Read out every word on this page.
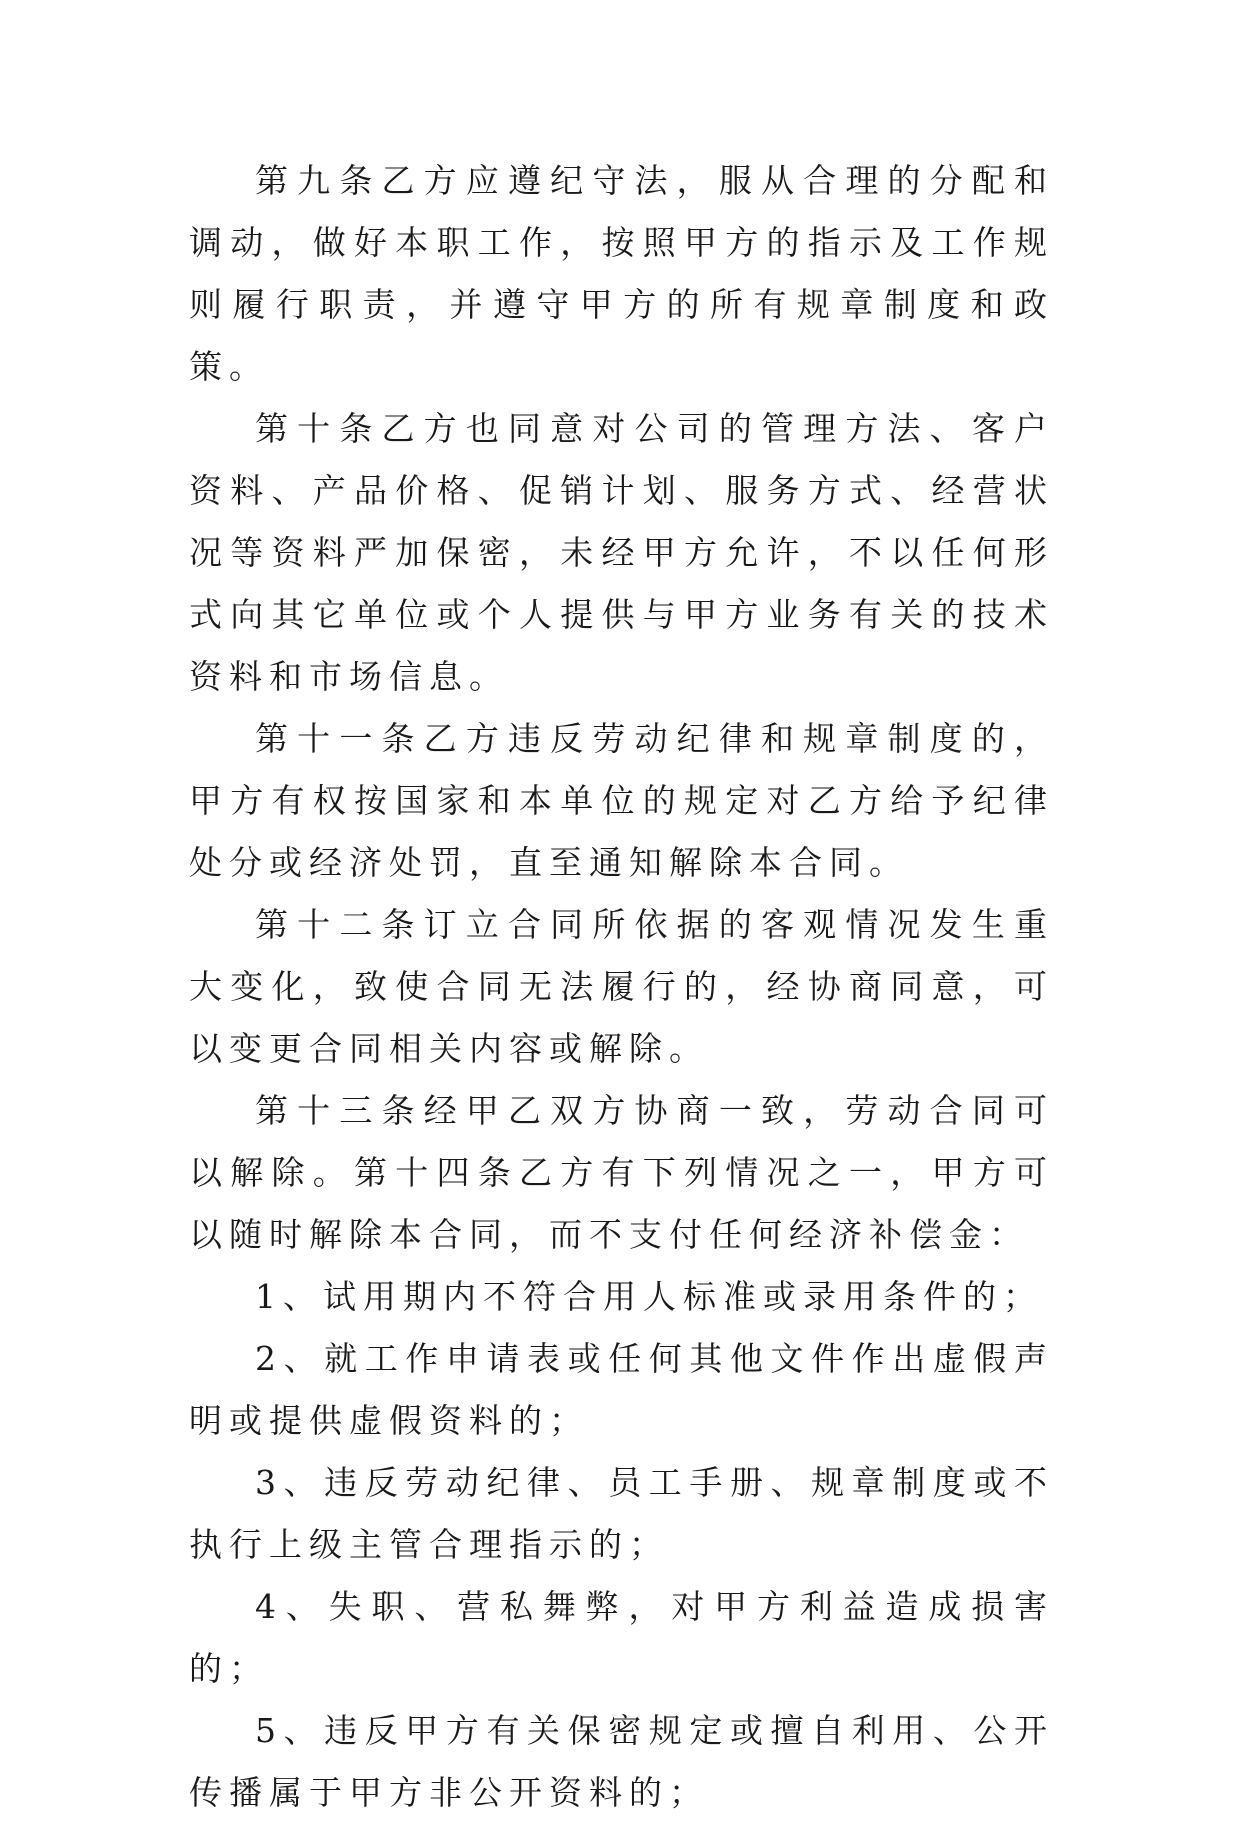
第九条乙方应遵纪守法，服从合理的分配和调动，做好本职工作，按照甲方的指示及工作规则履行职责，并遵守甲方的所有规章制度和政策。

第十条乙方也同意对公司的管理方法、客户资料、产品价格、促销计划、服务方式、经营状况等资料严加保密，未经甲方允许，不以任何形式向其它单位或个人提供与甲方业务有关的技术资料和市场信息。

第十一条乙方违反劳动纪律和规章制度的，甲方有权按国家和本单位的规定对乙方给予纪律处分或经济处罚，直至通知解除本合同。

第十二条订立合同所依据的客观情况发生重大变化，致使合同无法履行的，经协商同意，可以变更合同相关内容或解除。

第十三条经甲乙双方协商一致，劳动合同可以解除。第十四条乙方有下列情况之一，甲方可以随时解除本合同，而不支付任何经济补偿金：

1、试用期内不符合用人标准或录用条件的；

2、就工作申请表或任何其他文件作出虚假声明或提供虚假资料的；

3、违反劳动纪律、员工手册、规章制度或不执行上级主管合理指示的；

4、失职、营私舞弊，对甲方利益造成损害的；

5、违反甲方有关保密规定或擅自利用、公开传播属于甲方非公开资料的；
